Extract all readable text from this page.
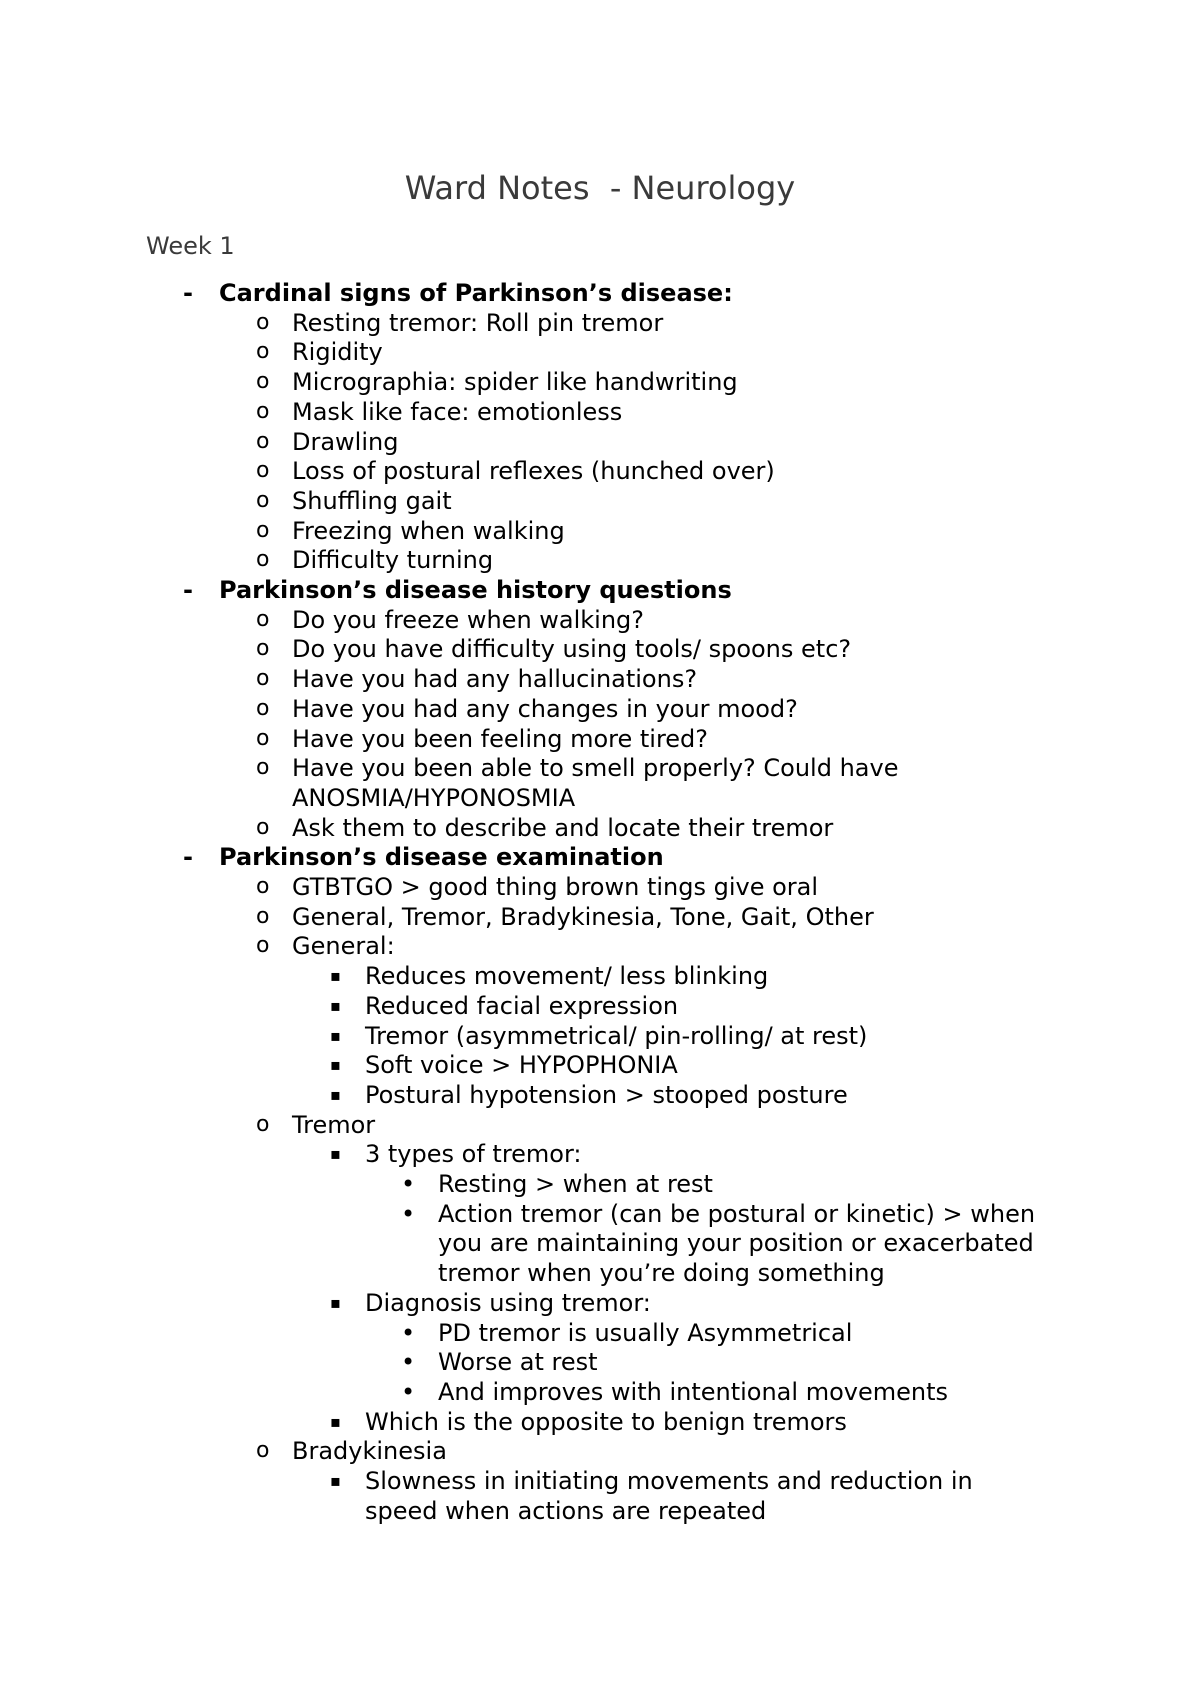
Ward Notes  - Neurology
Week 1
- Cardinal signs of Parkinson’s disease:
o Resting tremor: Roll pin tremor
o Rigidity
o Micrographia: spider like handwriting
o Mask like face: emotionless
o Drawling
o Loss of postural reflexes (hunched over)
o Shuffling gait
o Freezing when walking
o Difficulty turning
- Parkinson’s disease history questions
o Do you freeze when walking?
o Do you have difficulty using tools/ spoons etc?
o Have you had any hallucinations?
o Have you had any changes in your mood?
o Have you been feeling more tired?
o Have you been able to smell properly? Could have
ANOSMIA/HYPONOSMIA
o Ask them to describe and locate their tremor
- Parkinson’s disease examination
o GTBTGO > good thing brown tings give oral
o General, Tremor, Bradykinesia, Tone, Gait, Other
o General:
▪ Reduces movement/ less blinking
▪ Reduced facial expression
▪ Tremor (asymmetrical/ pin-rolling/ at rest)
▪ Soft voice > HYPOPHONIA
▪ Postural hypotension > stooped posture
o Tremor
▪ 3 types of tremor:
• Resting > when at rest
• Action tremor (can be postural or kinetic) > when
you are maintaining your position or exacerbated
tremor when you’re doing something
▪ Diagnosis using tremor:
• PD tremor is usually Asymmetrical
• Worse at rest
• And improves with intentional movements
▪ Which is the opposite to benign tremors
o Bradykinesia
▪ Slowness in initiating movements and reduction in
speed when actions are repeated
